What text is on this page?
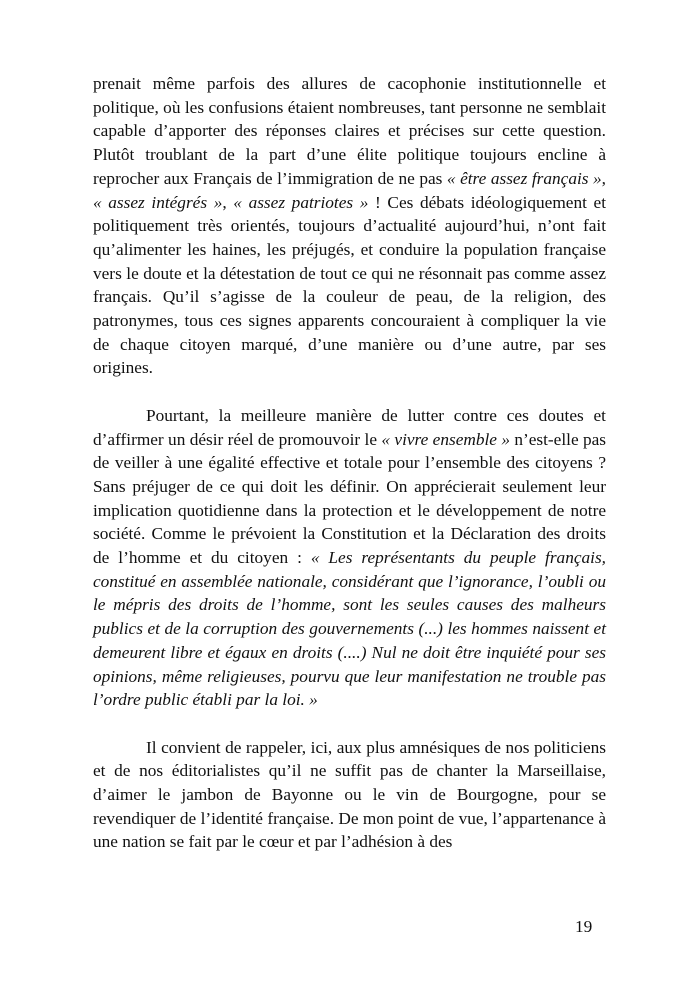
prenait même parfois des allures de cacophonie institutionnelle et politique, où les confusions étaient nombreuses, tant personne ne semblait capable d’apporter des réponses claires et précises sur cette question. Plutôt troublant de la part d’une élite politique toujours encline à reprocher aux Français de l’immigration de ne pas « être assez français », « assez intégrés », « assez patriotes » ! Ces débats idéologiquement et politiquement très orientés, toujours d’actualité aujourd’hui, n’ont fait qu’alimenter les haines, les préjugés, et conduire la population française vers le doute et la détestation de tout ce qui ne résonnait pas comme assez français. Qu’il s’agisse de la couleur de peau, de la religion, des patronymes, tous ces signes apparents concouraient à compliquer la vie de chaque citoyen marqué, d’une manière ou d’une autre, par ses origines.

Pourtant, la meilleure manière de lutter contre ces doutes et d’affirmer un désir réel de promouvoir le « vivre ensemble » n’est-elle pas de veiller à une égalité effective et totale pour l’ensemble des citoyens ? Sans préjuger de ce qui doit les définir. On apprécierait seulement leur implication quotidienne dans la protection et le développement de notre société. Comme le prévoient la Constitution et la Déclaration des droits de l’homme et du citoyen : « Les représentants du peuple français, constitué en assemblée nationale, considérant que l’ignorance, l’oubli ou le mépris des droits de l’homme, sont les seules causes des malheurs publics et de la corruption des gouvernements (...) les hommes naissent et demeurent libre et égaux en droits (....) Nul ne doit être inquiété pour ses opinions, même religieuses, pourvu que leur manifestation ne trouble pas l’ordre public établi par la loi. »

Il convient de rappeler, ici, aux plus amnésiques de nos politiciens et de nos éditorialistes qu’il ne suffit pas de chanter la Marseillaise, d’aimer le jambon de Bayonne ou le vin de Bourgogne, pour se revendiquer de l’identité française. De mon point de vue, l’appartenance à une nation se fait par le cœur et par l’adhésion à des

19
